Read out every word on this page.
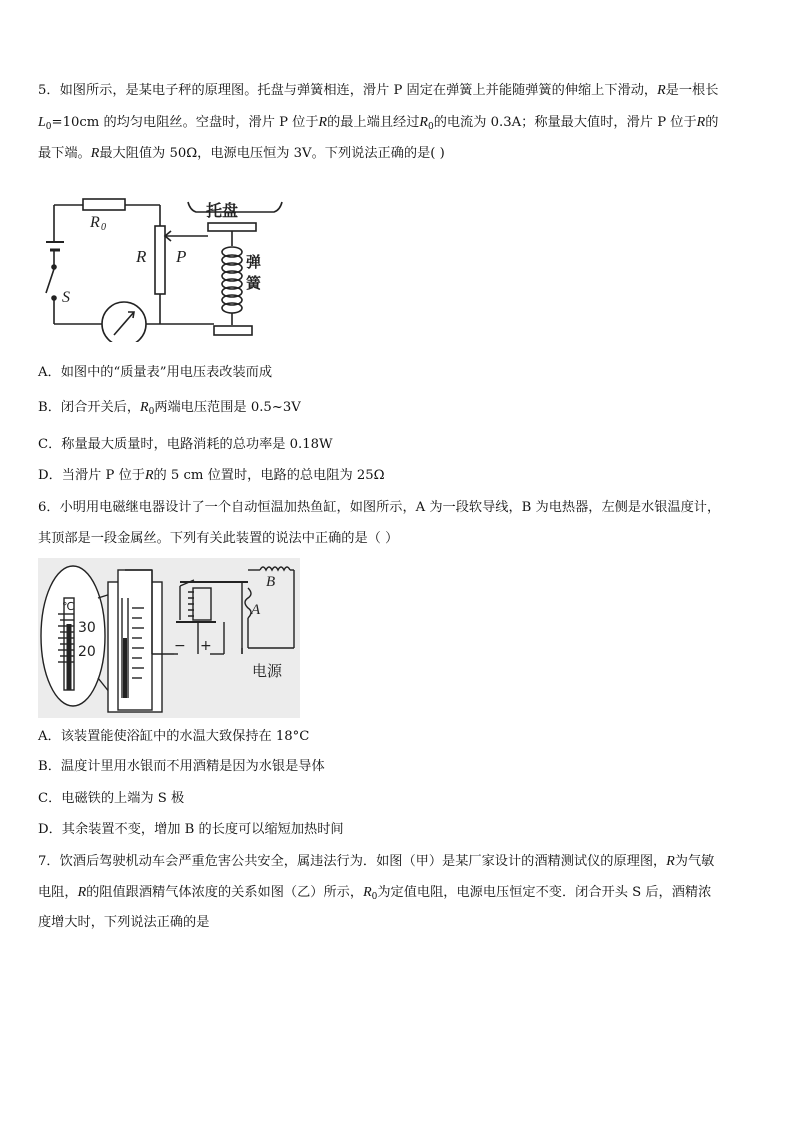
5．如图所示，是某电子秤的原理图。托盘与弹簧相连，滑片 P 固定在弹簧上并能随弹簧的伸缩上下滑动，R是一根长
$L_0=10cm$ 的均匀电阻丝。空盘时，滑片 P 位于R的最上端且经过$R_0$的电流为 0.3A；称量最大值时，滑片 P 位于R的
最下端。R最大阻值为 50Ω，电源电压恒为 3V。下列说法正确的是( )
R 0
R P
S
托盘
弹
簧
A．如图中的“质量表”用电压表改装而成
B．闭合开关后，$R_0$两端电压范围是 0.5~3V
C．称量最大质量时，电路消耗的总功率是 0.18W
D．当滑片 P 位于R的 5 cm 位置时，电路的总电阻为 25Ω
6．小明用电磁继电器设计了一个自动恒温加热鱼缸，如图所示，A 为一段软导线，B 为电热器，左侧是水银温度计，
其顶部是一段金属丝。下列有关此装置的说法中正确的是（ ）
℃
30
20	− +
A
B
电源
A．该装置能使浴缸中的水温大致保持在 18°C
B．温度计里用水银而不用酒精是因为水银是导体
C．电磁铁的上端为 S 极
D．其余装置不变，增加 B 的长度可以缩短加热时间
7．饮酒后驾驶机动车会严重危害公共安全，属违法行为．如图（甲）是某厂家设计的酒精测试仪的原理图，R为气敏
电阻，R的阻值跟酒精气体浓度的关系如图（乙）所示，$R_0$为定值电阻，电源电压恒定不变．闭合开头 S 后，酒精浓
度增大时，下列说法正确的是
